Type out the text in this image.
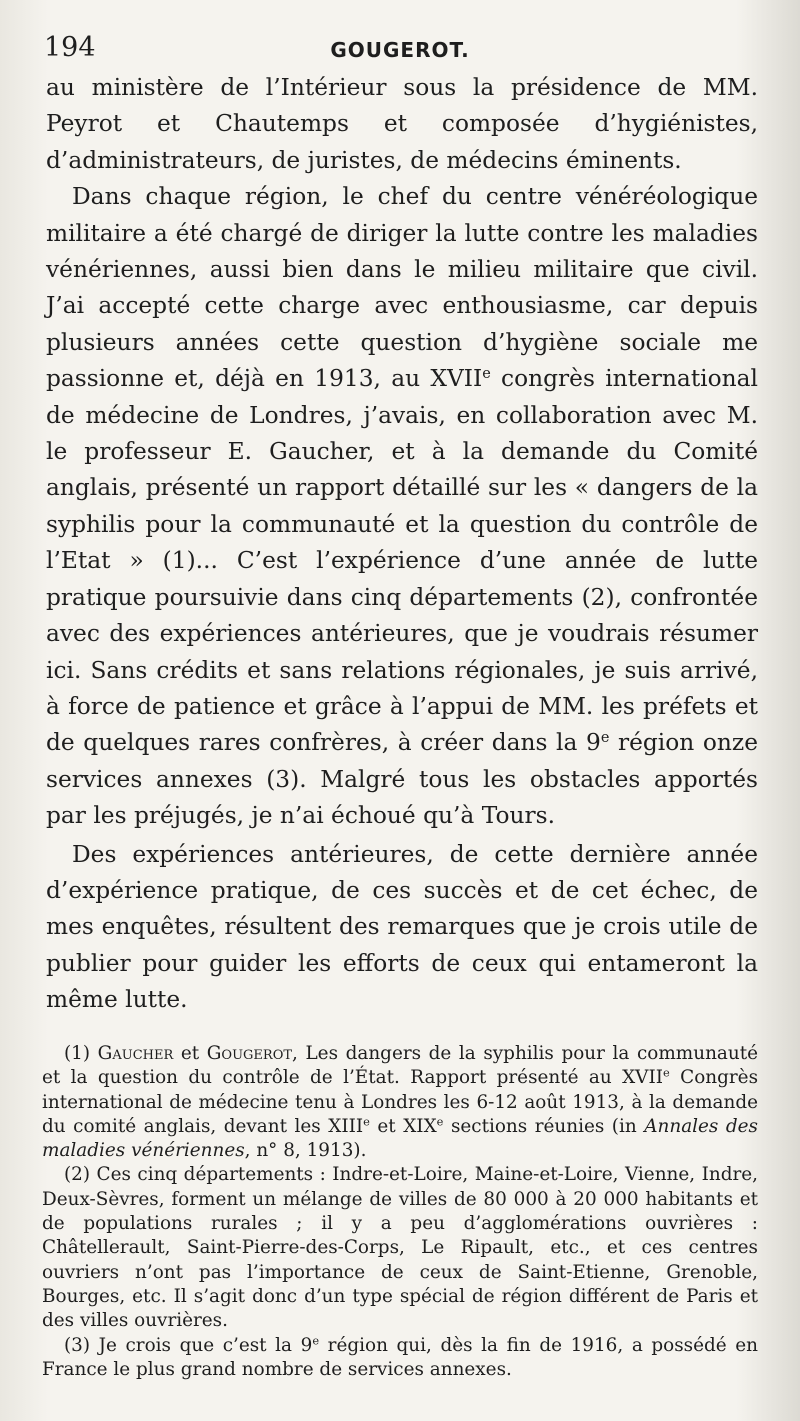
194	GOUGEROT.

au ministère de l’Intérieur sous la présidence de MM. Peyrot et Chautemps et composée d’hygiénistes, d’administrateurs, de juristes, de médecins éminents.

Dans chaque région, le chef du centre vénéréologique militaire a été chargé de diriger la lutte contre les maladies vénériennes, aussi bien dans le milieu militaire que civil. J’ai accepté cette charge avec enthousiasme, car depuis plusieurs années cette question d’hygiène sociale me passionne et, déjà en 1913, au XVIIe congrès international de médecine de Londres, j’avais, en collaboration avec M. le professeur E. Gaucher, et à la demande du Comité anglais, présenté un rapport détaillé sur les « dangers de la syphilis pour la communauté et la question du contrôle de l’Etat » (1)... C’est l’expérience d’une année de lutte pratique poursuivie dans cinq départements (2), confrontée avec des expériences antérieures, que je voudrais résumer ici. Sans crédits et sans relations régionales, je suis arrivé, à force de patience et grâce à l’appui de MM. les préfets et de quelques rares confrères, à créer dans la 9e région onze services annexes (3). Malgré tous les obstacles apportés par les préjugés, je n’ai échoué qu’à Tours.

Des expériences antérieures, de cette dernière année d’expérience pratique, de ces succès et de cet échec, de mes enquêtes, résultent des remarques que je crois utile de publier pour guider les efforts de ceux qui entameront la même lutte.

(1) Gaucher et Gougerot, Les dangers de la syphilis pour la communauté et la question du contrôle de l’État. Rapport présenté au XVIIe Congrès international de médecine tenu à Londres les 6-12 août 1913, à la demande du comité anglais, devant les XIIIe et XIXe sections réunies (in Annales des maladies vénériennes, n° 8, 1913).

(2) Ces cinq départements : Indre-et-Loire, Maine-et-Loire, Vienne, Indre, Deux-Sèvres, forment un mélange de villes de 80 000 à 20 000 habitants et de populations rurales ; il y a peu d’agglomérations ouvrières : Châtellerault, Saint-Pierre-des-Corps, Le Ripault, etc., et ces centres ouvriers n’ont pas l’importance de ceux de Saint-Etienne, Grenoble, Bourges, etc. Il s’agit donc d’un type spécial de région différent de Paris et des villes ouvrières.

(3) Je crois que c’est la 9e région qui, dès la fin de 1916, a possédé en France le plus grand nombre de services annexes.
